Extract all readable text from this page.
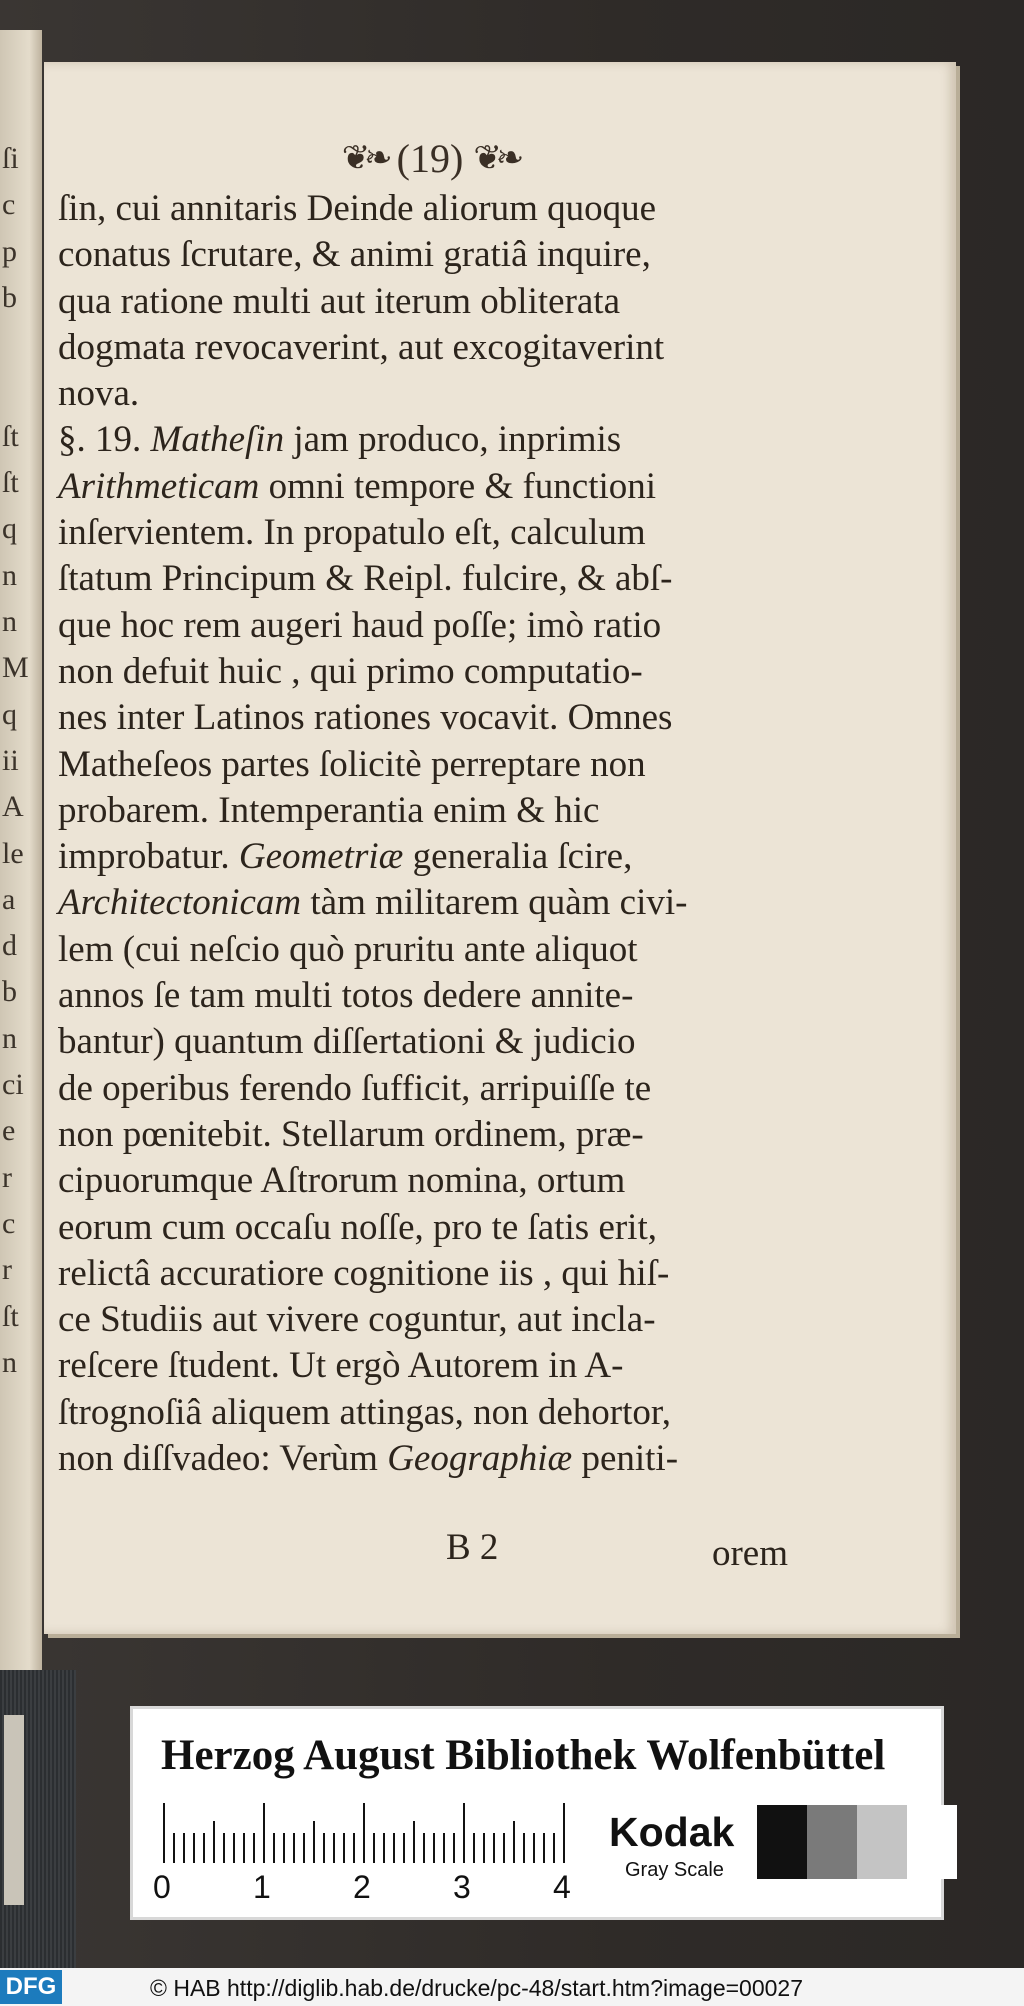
ſi
c
p
b
ſt
ſt
q
n
n
M
q
ii
A
le
a
d
b
n
ci
e
r
c
r
ſt
n
❦❧ (19) ❦❧
ſin, cui annitaris Deinde aliorum quoque
conatus ſcrutare, & animi gratiâ inquire,
qua ratione multi aut iterum obliterata
dogmata revocaverint, aut excogitaverint
nova.
§. 19. Matheſin jam produco, inprimis
Arithmeticam omni tempore & functioni
inſervientem. In propatulo eſt, calculum
ſtatum Principum & Reipl. fulcire, & abſ-
que hoc rem augeri haud poſſe; imò ratio
non defuit huic , qui primo computatio-
nes inter Latinos rationes vocavit. Omnes
Matheſeos partes ſolicitè perreptare non
probarem. Intemperantia enim & hic
improbatur. Geometriæ generalia ſcire,
Architectonicam tàm militarem quàm civi-
lem (cui neſcio quò pruritu ante aliquot
annos ſe tam multi totos dedere annite-
bantur) quantum diſſertationi & judicio
de operibus ferendo ſufficit, arripuiſſe te
non pœnitebit. Stellarum ordinem, præ-
cipuorumque Aſtrorum nomina, ortum
eorum cum occaſu noſſe, pro te ſatis erit,
relictâ accuratiore cognitione iis , qui hiſ-
ce Studiis aut vivere coguntur, aut incla-
reſcere ſtudent. Ut ergò Autorem in A-
ſtrognoſiâ aliquem attingas, non dehortor,
non diſſvadeo: Verùm Geographiæ peniti-
B 2	orem
Herzog August Bibliothek Wolfenbüttel
0	1	2	3	4
Kodak
Gray Scale
DFG	© HAB http://diglib.hab.de/drucke/pc-48/start.htm?image=00027
